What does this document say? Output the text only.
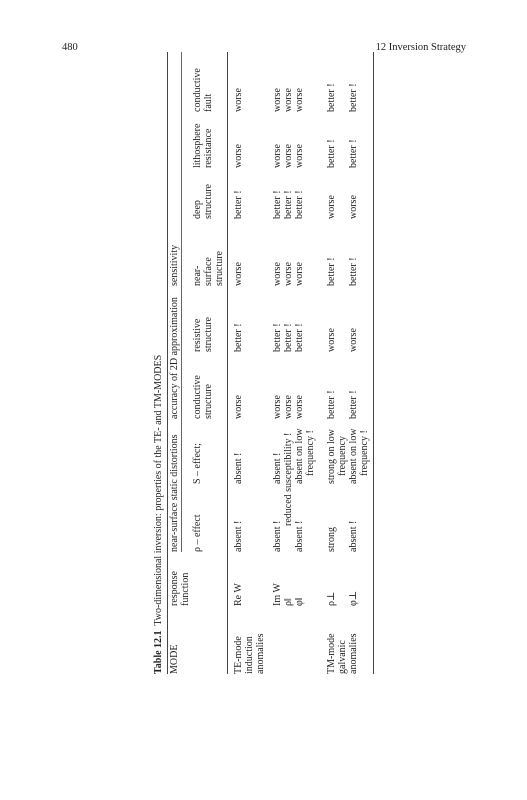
480	12 Inversion Strategy
Table 12.1  Two-dimensional inversion: properties of the TE- and TM-MODES
MODE
response function
near-surface static distortions
accuracy of 2D approximation
sensitivity
ρ – effect
S – effect;
conductive structure
resistive structure
near- surface structure
deep structure
lithosphere resistance
conductive fault
TE-mode induction anomalies
Re W
absent !
absent !
worse
better !
worse
better !
worse
worse
Im W
absent !
absent !
worse
better !
worse
better !
worse
worse
ρ‖
reduced susceptibility !
worse
better !
worse
better !
worse
worse
φ‖
absent !
absent on low frequency !
worse
better !
worse
better !
worse
worse
TM-mode galvanic anomalies
ρ⊥
strong
strong on low frequency
better !
worse
better !
worse
better !
better !
φ⊥
absent !
absent on low frequency !
better !
worse
better !
worse
better !
better !
